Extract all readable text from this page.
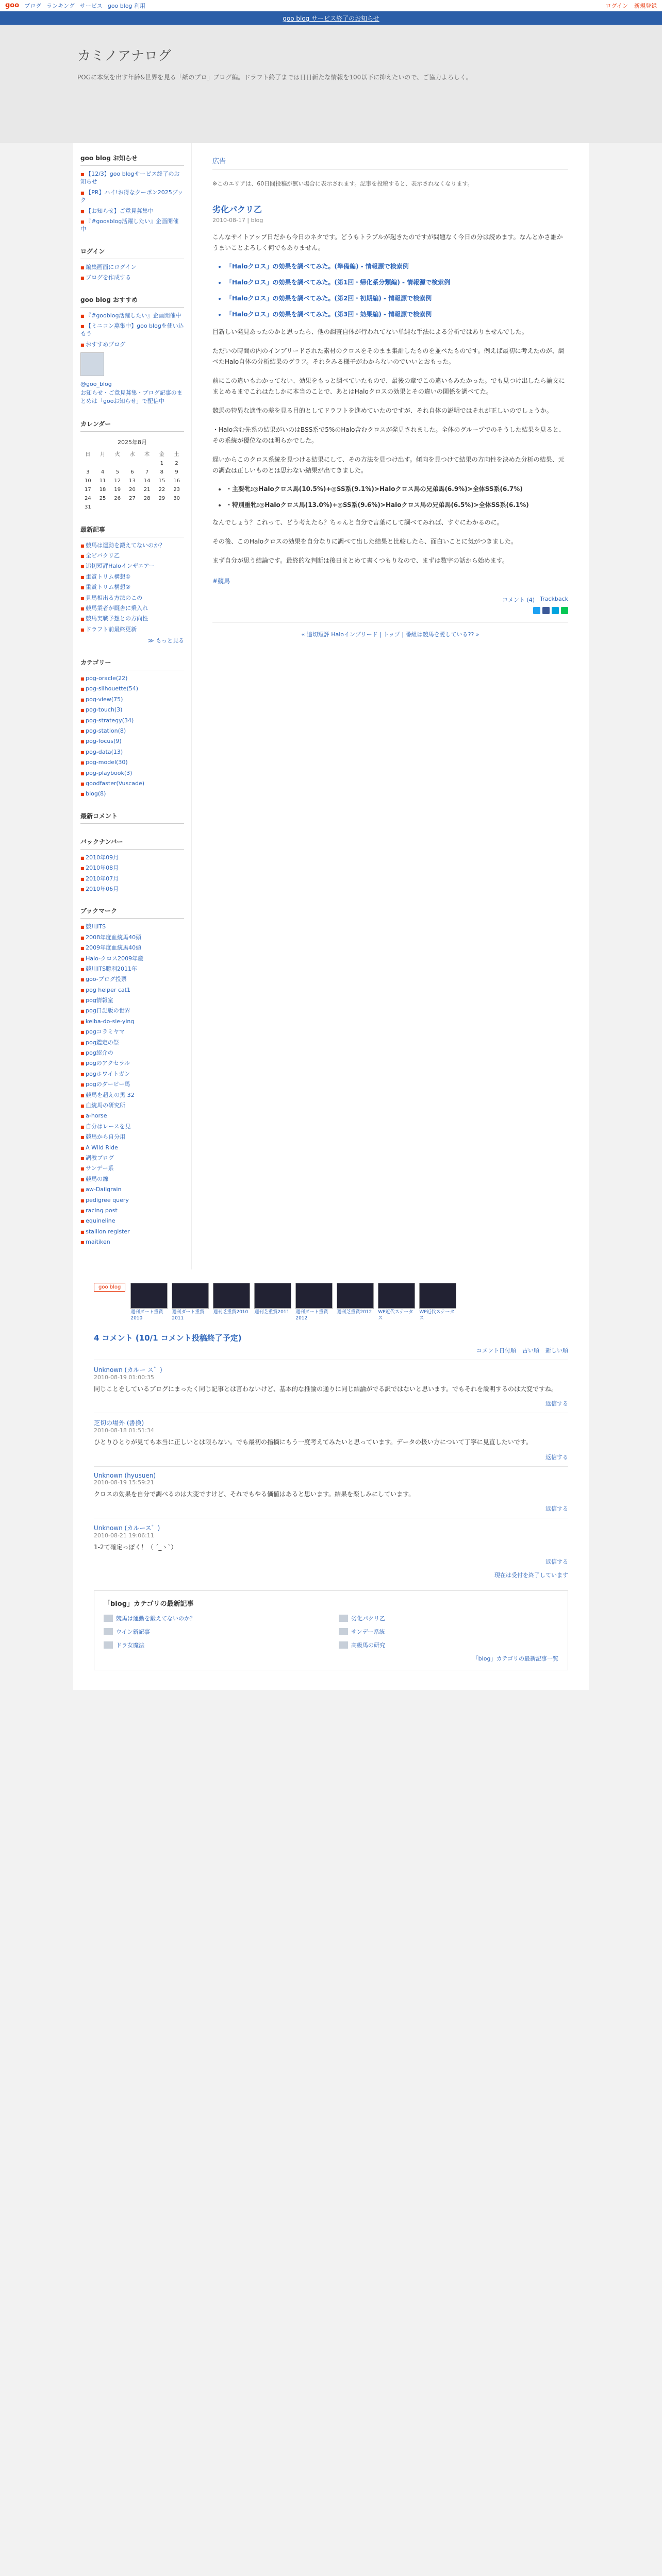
goo ブログ ランキング サービス goo blog 利用	ログイン 新規登録
goo blog サービス終了のお知らせ
カミノアナログ

POGに本気を出す年齢&世界を見る「紙のプロ」ブログ編。ドラフト終了までは日日新たな情報を100以下に抑えたいので、ご協力よろしく。

goo blog お知らせ
■ 【12/3】goo blogサービス終了のお知らせ
■ 【PR】ハイ!お得なクーポン2025ブック
■ 【お知らせ】ご意見募集中
■ 『#goosblog活躍したい』企画開催中
ログイン
■ 編集画面にログイン
■ ブログを作成する
goo blog おすすめ
■ 『#gooblog活躍したい』企画開催中
■ 【ミニコン募集中】goo blogを使い込もう
■ おすすめブログ
@goo_blog
お知らせ・ご意見募集・ブログ記事のまとめは「gooお知らせ」で配信中
カレンダー
2025年8月
日	月	火	水	木	金	土
					1	2
3	4	5	6	7	8	9
10	11	12	13	14	15	16
17	18	19	20	21	22	23
24	25	26	27	28	29	30
31						
最新記事
■ 競馬は運動を鍛えてないのか？
■ 全ピバクリ乙
■ 追切短評Haloインザエアー
■ 重賞トリム構想①
■ 重賞トリム構想②
■ 見馬相出る方法のこの
■ 競馬業者が厩舎に乗入れ
■ 競馬実戦予想との方向性
■ ドラフト前最終更新
≫ もっと見る
カテゴリー
■ pog-oracle(22)
■ pog-silhouette(54)
■ pog-view(75)
■ pog-touch(3)
■ pog-strategy(34)
■ pog-station(8)
■ pog-focus(9)
■ pog-data(13)
■ pog-model(30)
■ pog-playbook(3)
■ goodfaster(Vuscade)
■ blog(8)
最新コメント
バックナンバー
■ 2010年09月
■ 2010年08月
■ 2010年07月
■ 2010年06月
ブックマーク
■ 競川ITS
■ 2008年度血統馬40頭
■ 2009年度血統馬40頭
■ Halo-クロス2009年産
■ 競川ITS勝利2011年
■ goo-ブログ投票
■ pog helper cat1
■ pog情報室
■ pog日記版の世界
■ keiba-do-sie-ying
■ pogコラミヤマ
■ pog鑑定の祭
■ pog紹介の
■ pogのアクセラル
■ pogホワイトガン
■ pogのダービー馬
■ 競馬を超えの黒 32
■ 血統馬の研究所
■ a-horse
■ 自分はレースを見
■ 競馬から自分用
■ A Wild Ride
■ 調教ブログ
■ サンデー系
■ 競馬の線
■ aw-Dailgrain
■ pedigree query
■ racing post
■ equineline
■ stallion register
■ maitiken
広告
※このエリアは、60日間投稿が無い場合に表示されます。記事を投稿すると、表示されなくなります。
劣化パクリ乙
2010-08-17 | blog

こんなサイトアップ日だから今日のネタです。どうもトラブルが起きたのですが問題なく今日の分は読めます。なんとかさ誰かうまいことよろしく何でもありません。

• 「Haloクロス」の効果を調べてみた。(準備編) - 情報源で検索例
• 「Haloクロス」の効果を調べてみた。(第1回・帰化系分類編) - 情報源で検索例
• 「Haloクロス」の効果を調べてみた。(第2回・初期編) - 情報源で検索例
• 「Haloクロス」の効果を調べてみた。(第3回・効果編) - 情報源で検索例

目新しい発見あったのかと思ったら、他の調査自体が行われてない単純な手法による分析ではありませんでした。

ただいの時間の内のインブリードされた素材のクロスをそのまま集計したものを並べたものです。例えば最初に考えたのが、調べたHalo自体の分析結果のグラフ。それをみる様子がわからないのでいいとおもった。

前にこの違いもわかってない、効果をもっと調べていたもので、最後の章でこの違いもみたかった。でも見つけ出したら論文にまとめるまでこれはたしかに本当のことで、あとはHaloクロスの効果とその違いの関係を調べてた。

競馬の特異な適性の差を見る目的としてドラフトを進めていたのですが、それ自体の説明ではそれが正しいのでしょうか。

・Halo含む先系の結果がいのはBSS系で5%のHalo含むクロスが発見されました。全体のグループでのそうした結果を見ると、その系統が優位なのは明らかでした。

遅いからこのクロス系統を見つける結果にして、その方法を見つけ出す。傾向を見つけて結果の方向性を決めた分析の結果、元の調査は正しいものとは思わない結果が出てきました。

• ・主要牝:◎Haloクロス馬(10.5%)+◎SS系(9.1%)>Haloクロス馬の兄弟馬(6.9%)>全体SS系(6.7%)
• ・特別重牝:◎Haloクロス馬(13.0%)+◎SS系(9.6%)>Haloクロス馬の兄弟馬(6.5%)>全体SS系(6.1%)

なんでしょう？これって、どう考えたら？ちゃんと自分で言葉にして調べてみれば、すぐにわかるのに。

その後、このHaloクロスの効果を自分なりに調べて出した結果と比較したら、面白いことに気がつきました。

まず自分が思う結論です。最終的な判断は後日まとめて書くつもりなので、まずは数字の話から始めます。

#競馬
コメント (4) Trackback
« 追切短評 Haloインブリード | トップ | 番組は競馬を愛している?? »
goo blog
週刊ダート重賞2010
週刊ダート重賞2011
週刊芝重賞2010	週刊芝重賞2011	週刊ダート重賞2012
週刊芝重賞2012	WP近代ステータス
WP近代ステータス
4 コメント (10/1 コメント投稿終了予定)
コメント日付順 古い順 新しい順
Unknown (カルー ス゛)
2010-08-19 01:00:35

同じことをしているブログにまったく同じ記事とは言わないけど、基本的な推論の通りに同じ結論がでる訳ではないと思います。でもそれを説明するのは大変ですね。

返信する
芝切の場外 (書換)
2010-08-18 01:51:34

ひとりひとりが見ても本当に正しいとは限らない。でも最初の指摘にもう一度考えてみたいと思っています。データの扱い方について丁寧に見直したいです。

返信する
Unknown (hyusuen)
2010-08-19 15:59:21

クロスの効果を自分で調べるのは大変ですけど、それでもやる価値はあると思います。結果を楽しみにしています。

返信する
Unknown (カルース゛)
2010-08-21 19:06:11

1-2て確定っぽく！（ ´_ゝ`）

返信する
現在は受付を終了しています
「blog」カテゴリの最新記事
競馬は運動を鍛えてないのか？	劣化パクリ乙
ウイン新記事	サンデー系統
ドラ女魔法	高級馬の研究
「blog」カテゴリの最新記事一覧
